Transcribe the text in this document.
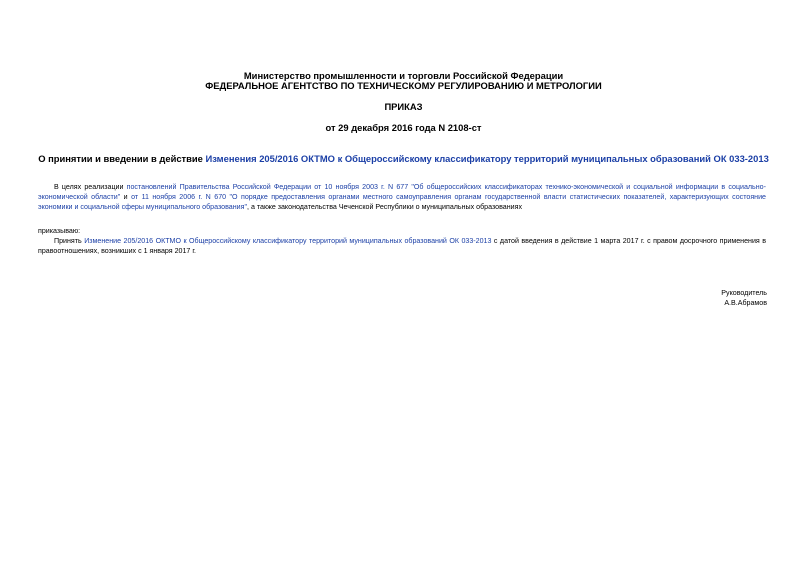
Министерство промышленности и торговли Российской Федерации
ФЕДЕРАЛЬНОЕ АГЕНТСТВО ПО ТЕХНИЧЕСКОМУ РЕГУЛИРОВАНИЮ И МЕТРОЛОГИИ
ПРИКАЗ
от 29 декабря 2016 года N 2108-ст
О принятии и введении в действие Изменения 205/2016 ОКТМО к Общероссийскому классификатору территорий муниципальных образований ОК 033-2013
В целях реализации постановлений Правительства Российской Федерации от 10 ноября 2003 г. N 677 "Об общероссийских классификаторах технико-экономической и социальной информации в социально-экономической области" и от 11 ноября 2006 г. N 670 "О порядке предоставления органами местного самоуправления органам государственной власти статистических показателей, характеризующих состояние экономики и социальной сферы муниципального образования", а также законодательства Чеченской Республики о муниципальных образованиях
приказываю:
Принять Изменение 205/2016 ОКТМО к Общероссийскому классификатору территорий муниципальных образований ОК 033-2013 с датой введения в действие 1 марта 2017 г. с правом досрочного применения в правоотношениях, возникших с 1 января 2017 г.
Руководитель
А.В.Абрамов
